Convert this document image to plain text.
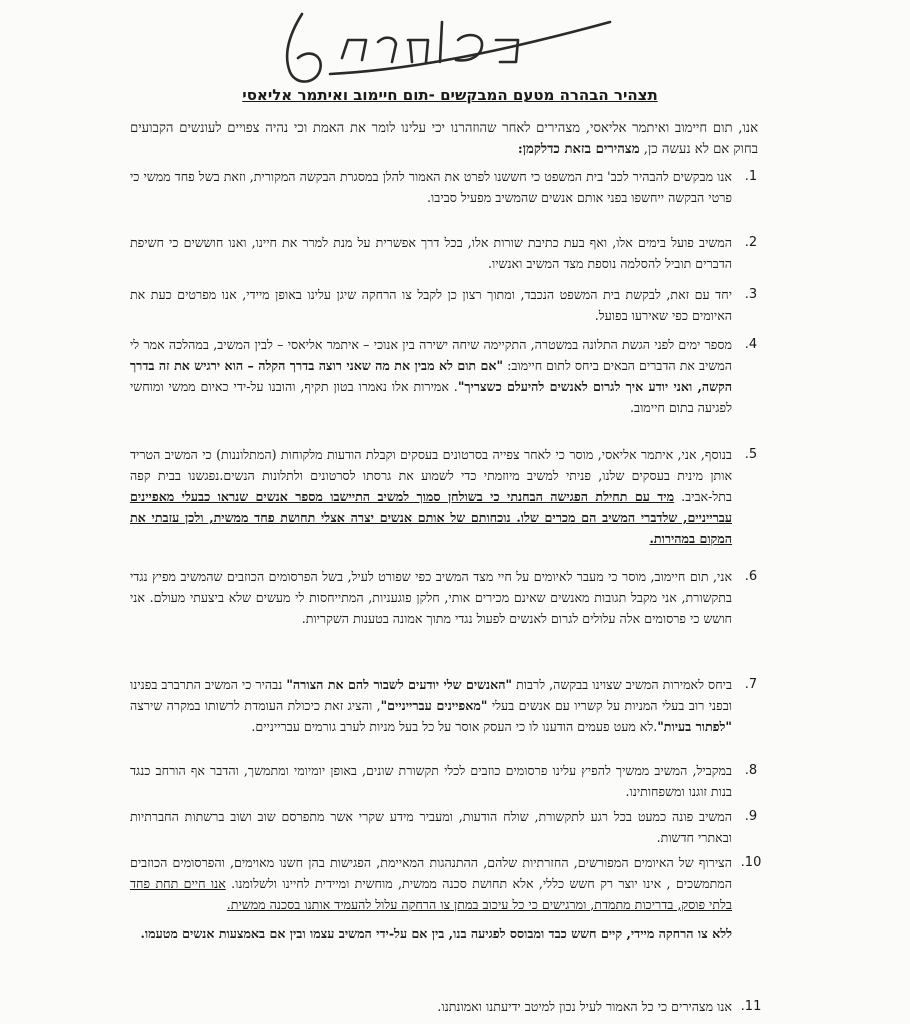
תצהיר הבהרה מטעם המבקשים -תום חיימוב ואיתמר אליאסי

אנו, תום חיימוב ואיתמר אליאסי, מצהירים לאחר שהוזהרנו יכי עלינו לומר את האמת וכי נהיה צפויים לעונשים הקבועים בחוק אם לא נעשה כן, מצהירים בזאת כדלקמן:

1.
אנו מבקשים להבהיר לכב' בית המשפט כי חששנו לפרט את האמור להלן במסגרת הבקשה המקורית, וזאת בשל פחד ממשי כי פרטי הבקשה ייחשפו בפני אותם אנשים שהמשיב מפעיל סביבו.
2.
המשיב פועל בימים אלו, ואף בעת כתיבת שורות אלו, בכל דרך אפשרית על מנת למרר את חיינו, ואנו חוששים כי חשיפת הדברים תוביל להסלמה נוספת מצד המשיב ואנשיו.
3.
יחד עם זאת, לבקשת בית המשפט הנכבד, ומתוך רצון כן לקבל צו הרחקה שיגן עלינו באופן מיידי, אנו מפרטים כעת את האיומים כפי שאירעו בפועל.
4.
מספר ימים לפני הגשת התלונה במשטרה, התקיימה שיחה ישירה בין אנוכי – איתמר אליאסי – לבין המשיב, במהלכה אמר לי המשיב את הדברים הבאים ביחס לתום חיימוב: "אם תום לא מבין את מה שאני רוצה בדרך הקלה – הוא ירגיש את זה בדרך הקשה, ואני יודע איך לגרום לאנשים להיעלם כשצריך". אמירות אלו נאמרו בטון תקיף, והובנו על-ידי כאיום ממשי ומוחשי לפגיעה בתום חיימוב.
5.
בנוסף, אני, איתמר אליאסי, מוסר כי לאחר צפייה בסרטונים בעסקים וקבלת הודעות מלקוחות (המתלוננות) כי המשיב הטריד אותן מינית בעסקים שלנו, פניתי למשיב מיוזמתי כדי לשמוע את גרסתו לסרטונים ולתלונות הנשים.נפגשנו בבית קפה בתל-אביב. מיד עם תחילת הפגישה הבחנתי כי בשולחן סמוך למשיב התיישבו מספר אנשים שנראו כבעלי מאפיינים עברייניים, שלדברי המשיב הם מכרים שלו. נוכחותם של אותם אנשים יצרה אצלי תחושת פחד ממשית, ולכן עזבתי את המקום במהירות.
6.
אני, תום חיימוב, מוסר כי מעבר לאיומים על חיי מצד המשיב כפי שפורט לעיל, בשל הפרסומים הכוזבים שהמשיב מפיץ נגדי בתקשורת, אני מקבל תגובות מאנשים שאינם מכירים אותי, חלקן פוגעניות, המתייחסות לי מעשים שלא ביצעתי מעולם. אני חושש כי פרסומים אלה עלולים לגרום לאנשים לפעול נגדי מתוך אמונה בטענות השקריות.
7.
ביחס לאמירות המשיב שצוינו בבקשה, לרבות "האנשים שלי יודעים לשבור להם את הצורה" נבהיר כי המשיב התרברב בפנינו ובפני רוב בעלי המניות על קשריו עם אנשים בעלי "מאפיינים עברייניים", והציג זאת כיכולת העומדת לרשותו במקרה שירצה "לפתור בעיות".לא מעט פעמים הודענו לו כי העסק אוסר על כל בעל מניות לערב גורמים עברייניים.
8.
במקביל, המשיב ממשיך להפיץ עלינו פרסומים כוזבים לכלי תקשורת שונים, באופן יומיומי ומתמשך, והדבר אף הורחב כנגד בנות זוגנו ומשפחותינו.
9.
המשיב פונה כמעט בכל רגע לתקשורת, שולח הודעות, ומעביר מידע שקרי אשר מתפרסם שוב ושוב ברשתות החברתיות ובאתרי חדשות.
10.
הצירוף של האיומים המפורשים, החזרתיות שלהם, ההתנהגות המאיימת, הפגישות בהן חשנו מאוימים, והפרסומים הכוזבים המתמשכים , אינו יוצר רק חשש כללי, אלא תחושת סכנה ממשית, מוחשית ומיידית לחיינו ולשלומנו. אנו חיים תחת פחד בלתי פוסק, בדריכות מתמדת, ומרגישים כי כל עיכוב במתן צו הרחקה עלול להעמיד אותנו בסכנה ממשית.
ללא צו הרחקה מיידי, קיים חשש כבד ומבוסס לפגיעה בנו, בין אם על-ידי המשיב עצמו ובין אם באמצעות אנשים מטעמו.
11.
אנו מצהירים כי כל האמור לעיל נכון למיטב ידיעתנו ואמונתנו.
